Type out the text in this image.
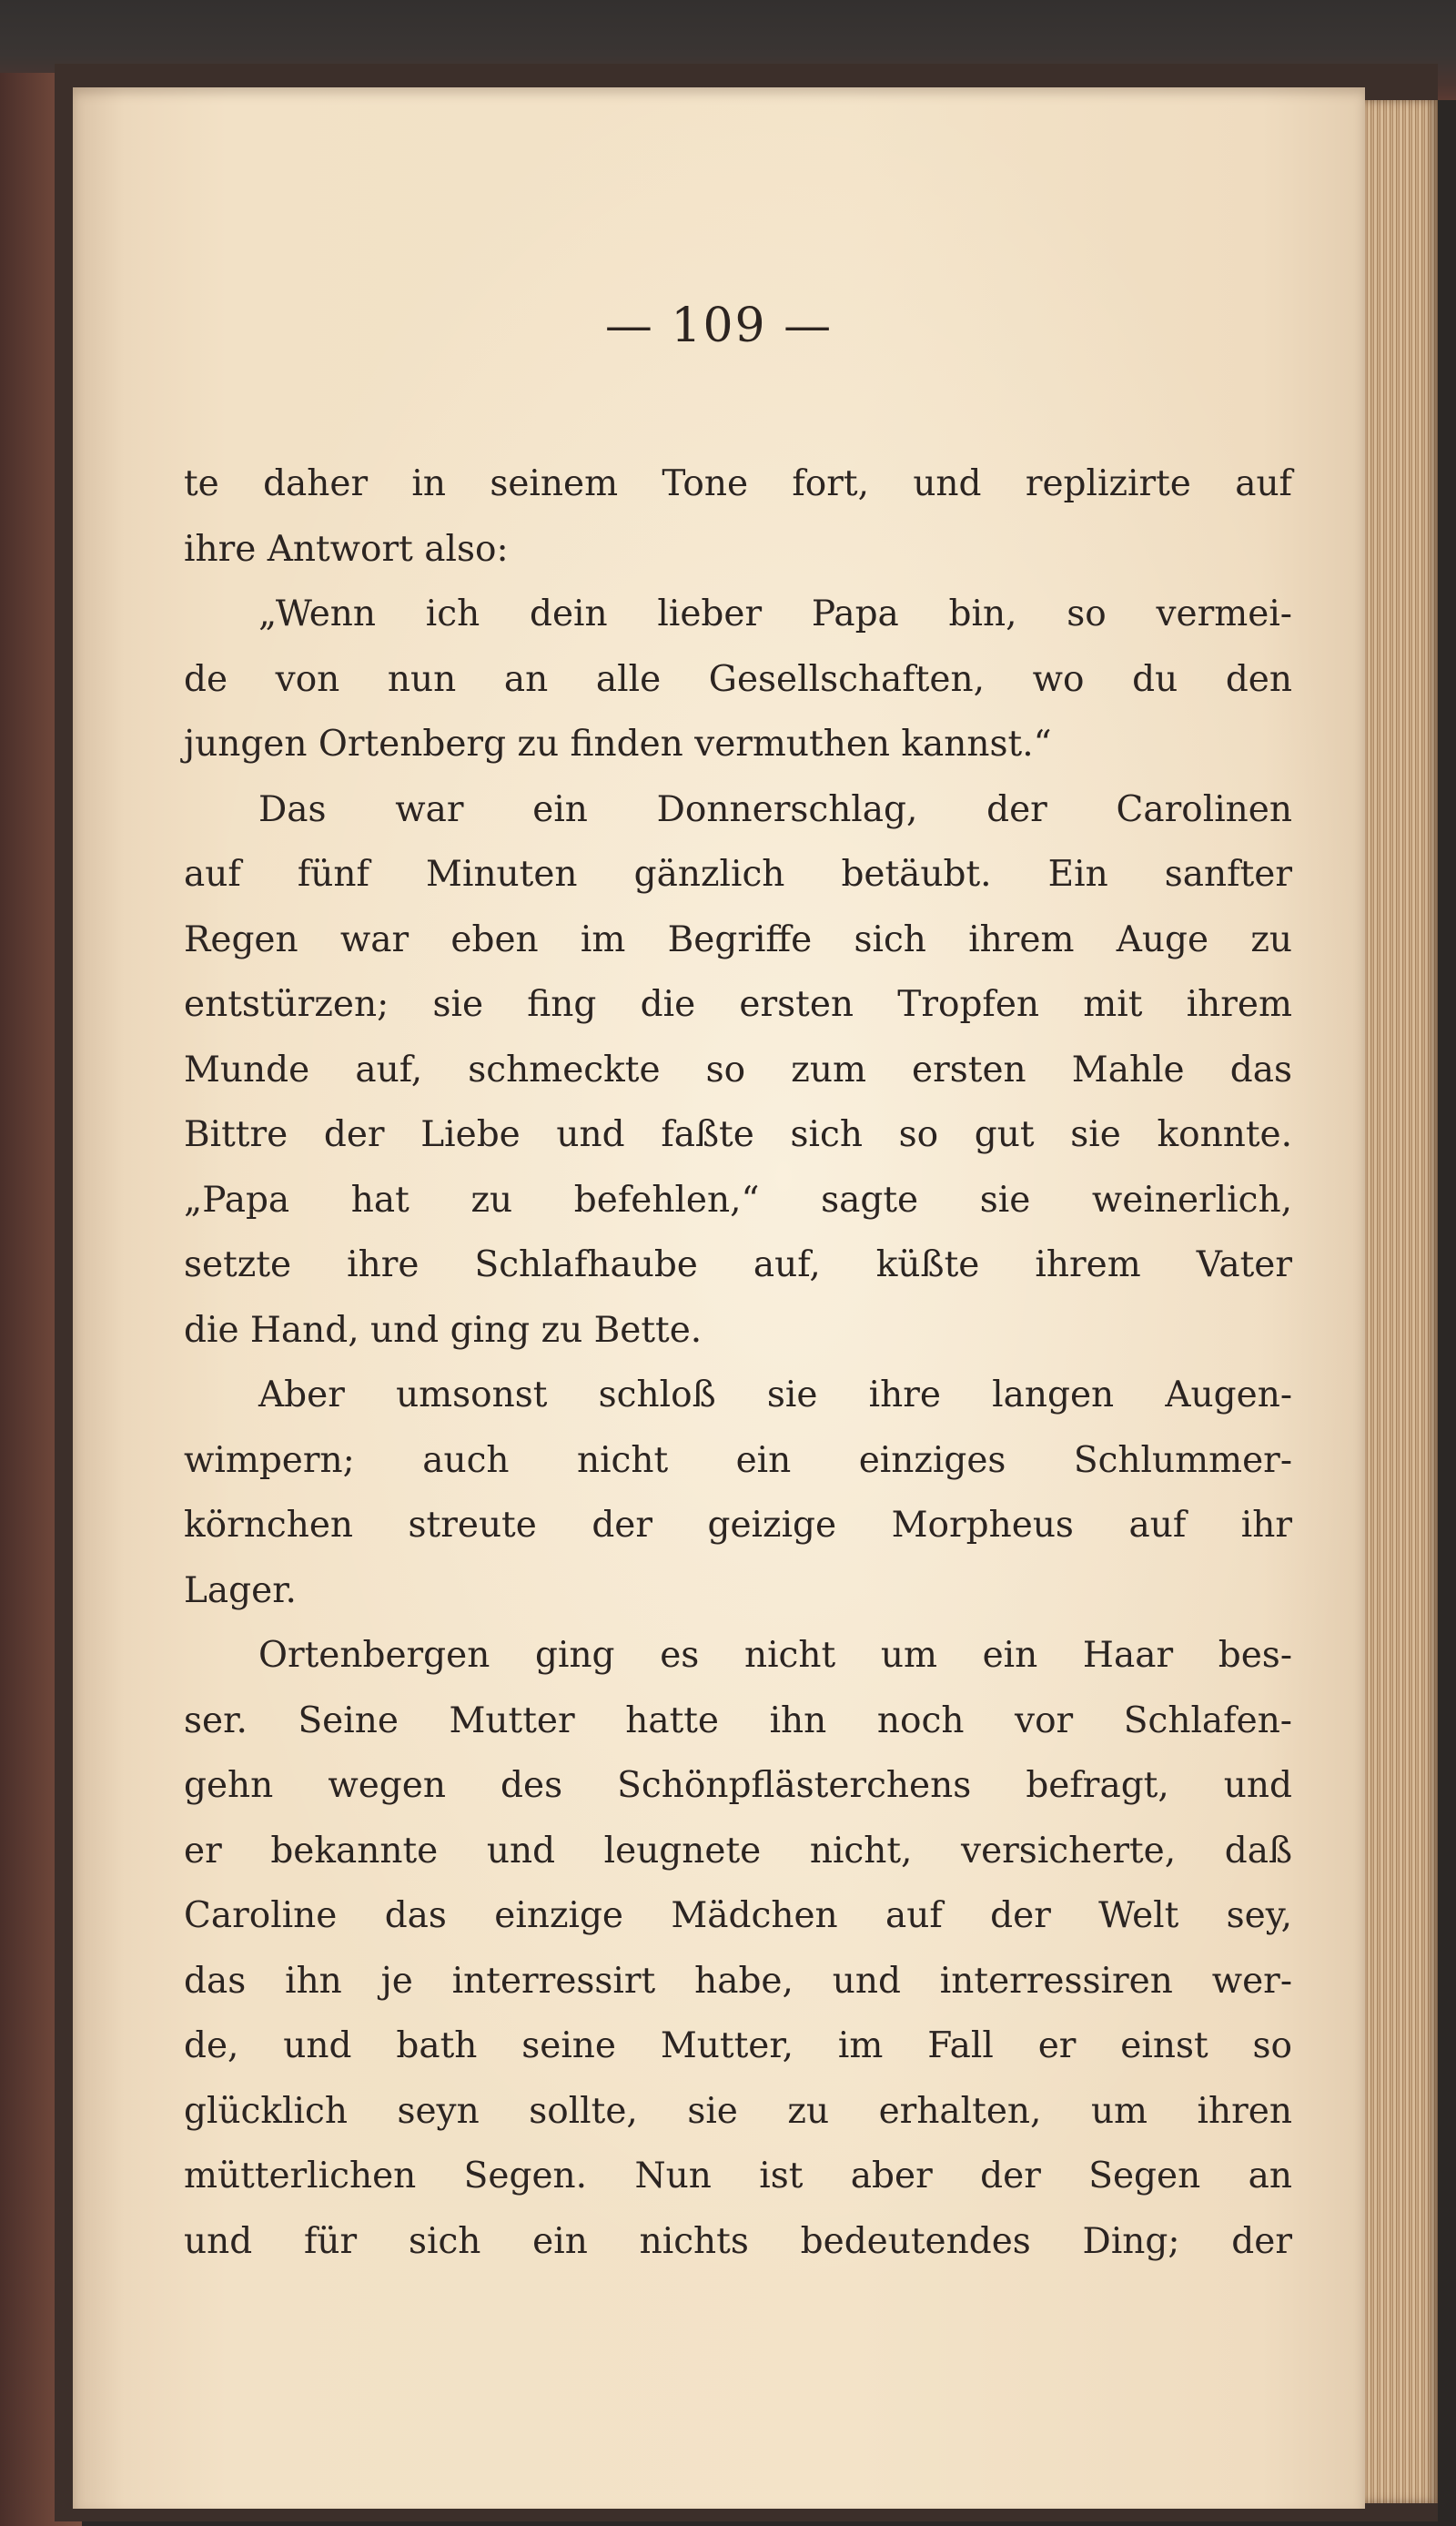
— 109 —
te daher in seinem Tone fort, und replizirte auf
ihre Antwort also:
„Wenn ich dein lieber Papa bin, so vermei-
de von nun an alle Gesellschaften, wo du den
jungen Ortenberg zu finden vermuthen kannst.“
Das war ein Donnerschlag, der Carolinen
auf fünf Minuten gänzlich betäubt. Ein sanfter
Regen war eben im Begriffe sich ihrem Auge zu
entstürzen; sie fing die ersten Tropfen mit ihrem
Munde auf, schmeckte so zum ersten Mahle das
Bittre der Liebe und faßte sich so gut sie konnte.
„Papa hat zu befehlen,“ sagte sie weinerlich,
setzte ihre Schlafhaube auf, küßte ihrem Vater
die Hand, und ging zu Bette.
Aber umsonst schloß sie ihre langen Augen-
wimpern; auch nicht ein einziges Schlummer-
körnchen streute der geizige Morpheus auf ihr
Lager.
Ortenbergen ging es nicht um ein Haar bes-
ser. Seine Mutter hatte ihn noch vor Schlafen-
gehn wegen des Schönpflästerchens befragt, und
er bekannte und leugnete nicht, versicherte, daß
Caroline das einzige Mädchen auf der Welt sey,
das ihn je interressirt habe, und interressiren wer-
de, und bath seine Mutter, im Fall er einst so
glücklich seyn sollte, sie zu erhalten, um ihren
mütterlichen Segen. Nun ist aber der Segen an
und für sich ein nichts bedeutendes Ding; der
